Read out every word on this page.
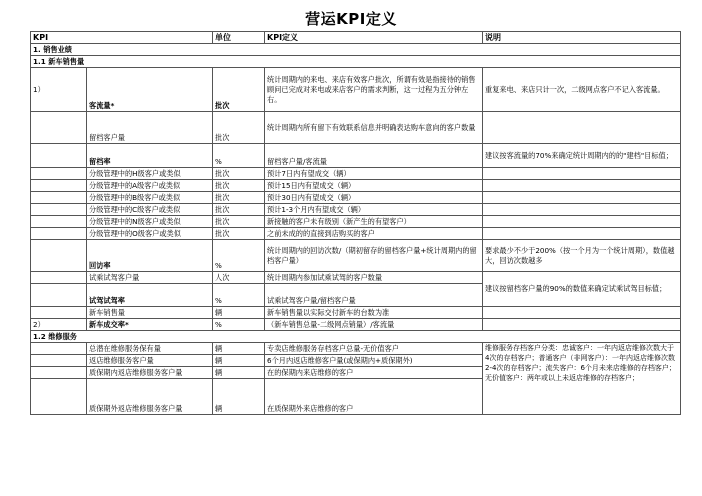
营运KPI定义
KPI		单位	KPI定义	说明
1. 销售业绩				
1.1 新车销售量				
1）	客流量*	批次	统计周期内的来电、来店有效客户批次，所谓有效是指接待的销售顾问已完成对来电或来店客户的需求判断，这一过程为五分钟左右。	重复来电、来店只计一次，二级网点客户不记入客流量。
	留档客户量	批次	统计周期内所有留下有效联系信息并明确表达购车意向的客户数量	
	留档率	%	留档客户量/客流量	建议按客流量的70%来确定统计周期内的的"建档"目标值；
	分级管理中的H级客户或类似	批次	预计7日内有望成交（辆）	
	分级管理中的A级客户或类似	批次	预计15日内有望成交（辆）	
	分级管理中的B级客户或类似	批次	预计30日内有望成交（辆）	
	分级管理中的C级客户或类似	批次	预计1-3个月内有望成交（辆）	
	分级管理中的N级客户或类似	批次	新接触的客户未有级别（新产生的有望客户）	
	分级管理中的O级客户或类似	批次	之前未成的的直接到店购买的客户	
	回访率	%	统计周期内的回访次数/（期初留存的留档客户量+统计周期内的留档客户量）	要求最少不少于200%（按一个月为一个统计周期），数值越大，回访次数越多
	试乘试驾客户量	人次	统计周期内参加试乘试驾的客户数量	建议按留档客户量的90%的数值来确定试乘试驾目标值；
	试驾试驾率	%	试乘试驾客户量/留档客户量	
	新车销售量	辆	新车销售量以实际交付新车的台数为准	
2）	新车成交率*	%	（新车销售总量-二级网点销量）/客流量	
1.2 维修服务				
	总潜在维修服务保有量	辆	专卖店维修服务存档客户总量-无价值客户	维修服务存档客户分类：忠诚客户：一年内返店维修次数大于4次的存档客户；普通客户（非网客户）：一年内返店维修次数2-4次的存档客户；流失客户：6个月未来店维修的存档客户；无价值客户：两年或以上未返店维修的存档客户；
	返店维修服务客户量	辆	6个月内返店维修客户量(或保期内+质保期外)	
	质保期内返店维修服务客户量	辆	在的保期内来店维修的客户	
	质保期外返店维修服务客户量	辆	在质保期外来店维修的客户	
